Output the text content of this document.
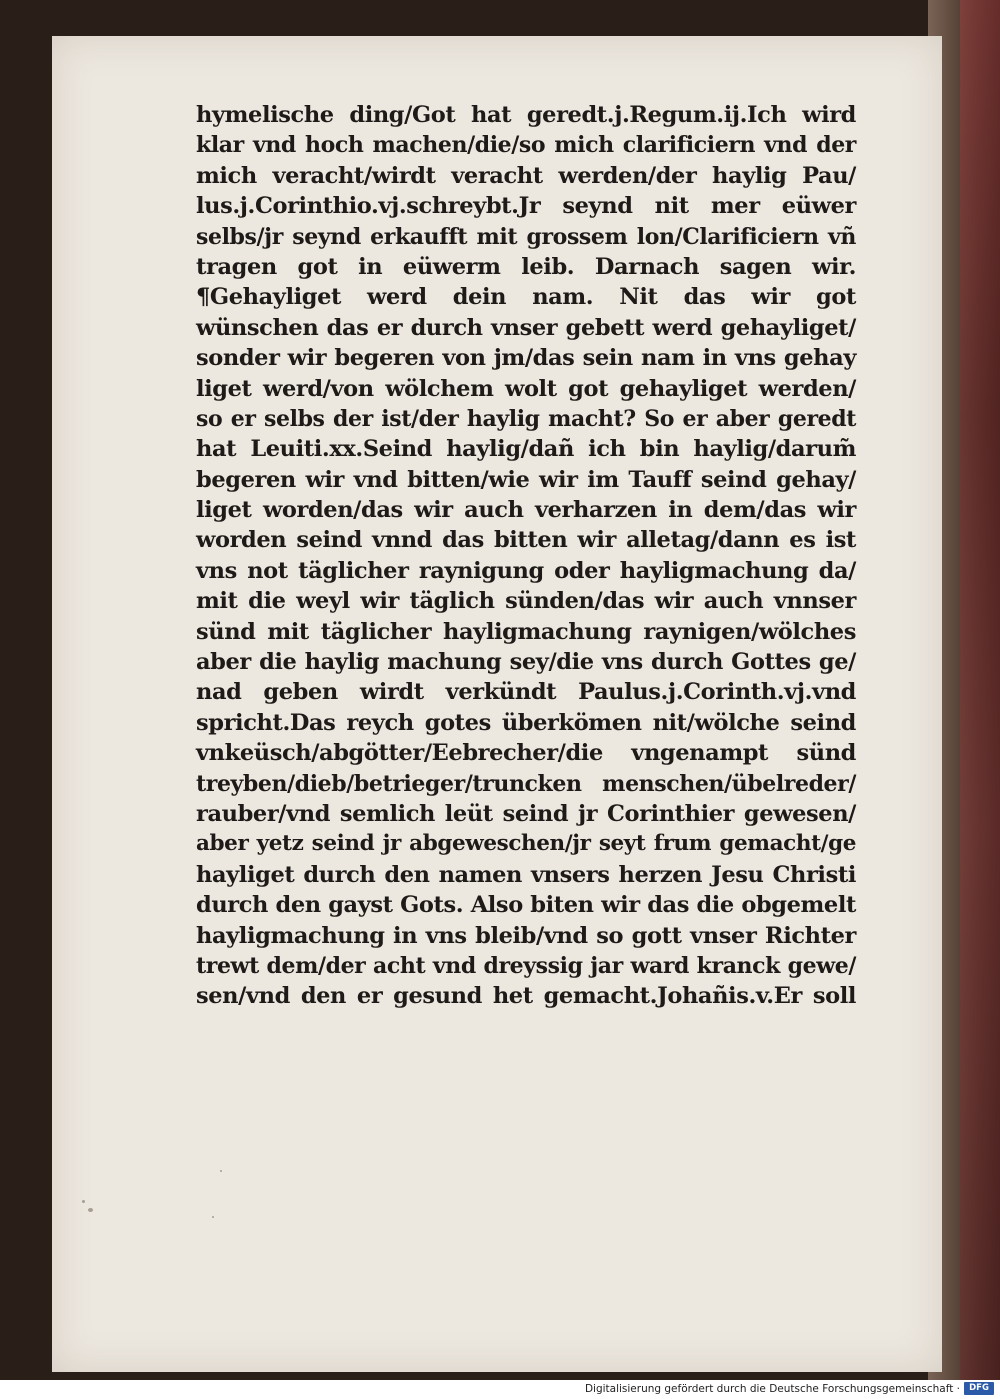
hymelische ding/Got hat geredt.j.Regum.ij.Ich wird
klar vnd hoch machen/die/so mich clarificiern vnd der
mich veracht/wirdt veracht werden/der haylig Pau/
lus.j.Corinthio.vj.schreybt.Jr seynd nit mer eüwer
selbs/jr seynd erkaufft mit grossem lon/Clarificiern vñ
tragen got in eüwerm leib. Darnach sagen wir.
¶Gehayliget werd dein nam. Nit das wir got
wünschen das er durch vnser gebett werd gehayliget/
sonder wir begeren von jm/das sein nam in vns gehay
liget werd/von wölchem wolt got gehayliget werden/
so er selbs der ist/der haylig macht? So er aber geredt
hat Leuiti.xx.Seind haylig/dañ ich bin haylig/darum̃
begeren wir vnd bitten/wie wir im Tauff seind gehay/
liget worden/das wir auch verharzen in dem/das wir
worden seind vnnd das bitten wir alletag/dann es ist
vns not täglicher raynigung oder hayligmachung da/
mit die weyl wir täglich sünden/das wir auch vnnser
sünd mit täglicher hayligmachung raynigen/wölches
aber die haylig machung sey/die vns durch Gottes ge/
nad geben wirdt verkündt Paulus.j.Corinth.vj.vnd
spricht.Das reych gotes überkömen nit/wölche seind
vnkeüsch/abgötter/Eebrecher/die vngenampt sünd
treyben/dieb/betrieger/truncken menschen/übelreder/
rauber/vnd semlich leüt seind jr Corinthier gewesen/
aber yetz seind jr abgeweschen/jr seyt frum gemacht/ge
hayliget durch den namen vnsers herzen Jesu Christi
durch den gayst Gots. Also biten wir das die obgemelt
hayligmachung in vns bleib/vnd so gott vnser Richter
trewt dem/der acht vnd dreyssig jar ward kranck gewe/
sen/vnd den er gesund het gemacht.Johañis.v.Er soll
Digitalisierung gefördert durch die Deutsche Forschungsgemeinschaft ·	DFG
